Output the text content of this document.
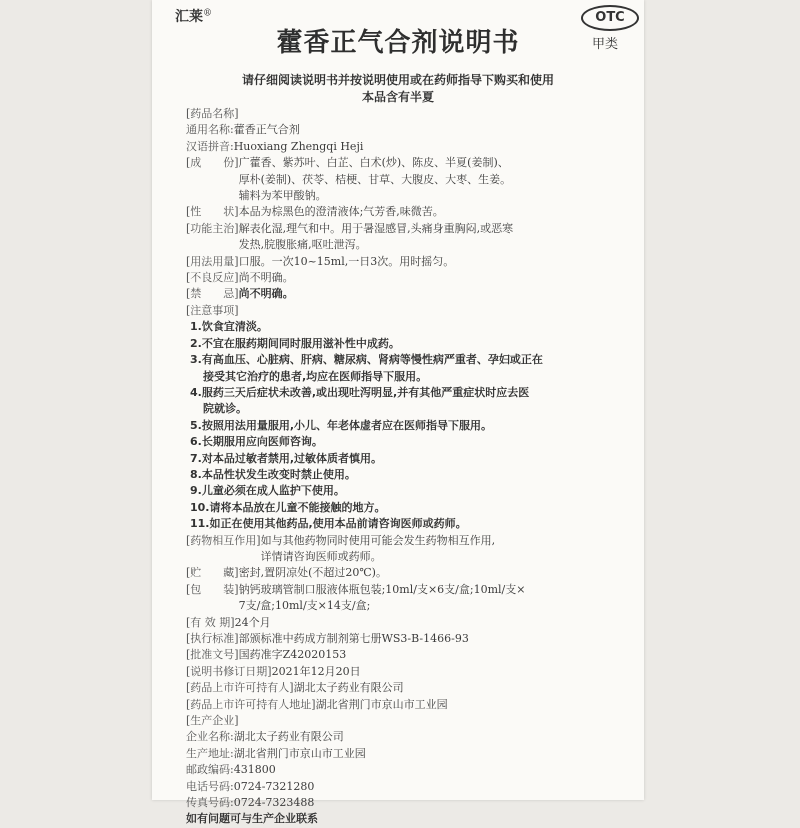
汇莱®	OTC
甲类
藿香正气合剂说明书
请仔细阅读说明书并按说明使用或在药师指导下购买和使用
本品含有半夏
[药品名称]
通用名称: 藿香正气合剂
汉语拼音: Huoxiang Zhengqi Heji
[成　　份] 广藿香、紫苏叶、白芷、白术(炒)、陈皮、半夏(姜制)、
厚朴(姜制)、茯苓、桔梗、甘草、大腹皮、大枣、生姜。
辅料为苯甲酸钠。
[性　　状] 本品为棕黑色的澄清液体;气芳香,味微苦。
[功能主治] 解表化湿,理气和中。用于暑湿感冒,头痛身重胸闷,或恶寒
发热,脘腹胀痛,呕吐泄泻。
[用法用量] 口服。一次10~15ml,一日3次。用时摇匀。
[不良反应] 尚不明确。
[禁　　忌] 尚不明确。
[注意事项]
1.饮食宜清淡。
2.不宜在服药期间同时服用滋补性中成药。
3.有高血压、心脏病、肝病、糖尿病、肾病等慢性病严重者、孕妇或正在
接受其它治疗的患者,均应在医师指导下服用。
4.服药三天后症状未改善,或出现吐泻明显,并有其他严重症状时应去医
院就诊。
5.按照用法用量服用,小儿、年老体虚者应在医师指导下服用。
6.长期服用应向医师咨询。
7.对本品过敏者禁用,过敏体质者慎用。
8.本品性状发生改变时禁止使用。
9.儿童必须在成人监护下使用。
10.请将本品放在儿童不能接触的地方。
11.如正在使用其他药品,使用本品前请咨询医师或药师。
[药物相互作用] 如与其他药物同时使用可能会发生药物相互作用,
详情请咨询医师或药师。
[贮　　藏] 密封,置阴凉处(不超过20℃)。
[包　　装] 钠钙玻璃管制口服液体瓶包装;10ml/支×6支/盒;10ml/支×
7支/盒;10ml/支×14支/盒;
[有 效 期] 24个月
[执行标准] 部颁标准中药成方制剂第七册WS3-B-1466-93
[批准文号] 国药准字Z42020153
[说明书修订日期] 2021年12月20日
[药品上市许可持有人] 湖北太子药业有限公司
[药品上市许可持有人地址] 湖北省荆门市京山市工业园
[生产企业]
企业名称: 湖北太子药业有限公司
生产地址: 湖北省荆门市京山市工业园
邮政编码: 431800
电话号码: 0724-7321280
传真号码: 0724-7323488
如有问题可与生产企业联系
